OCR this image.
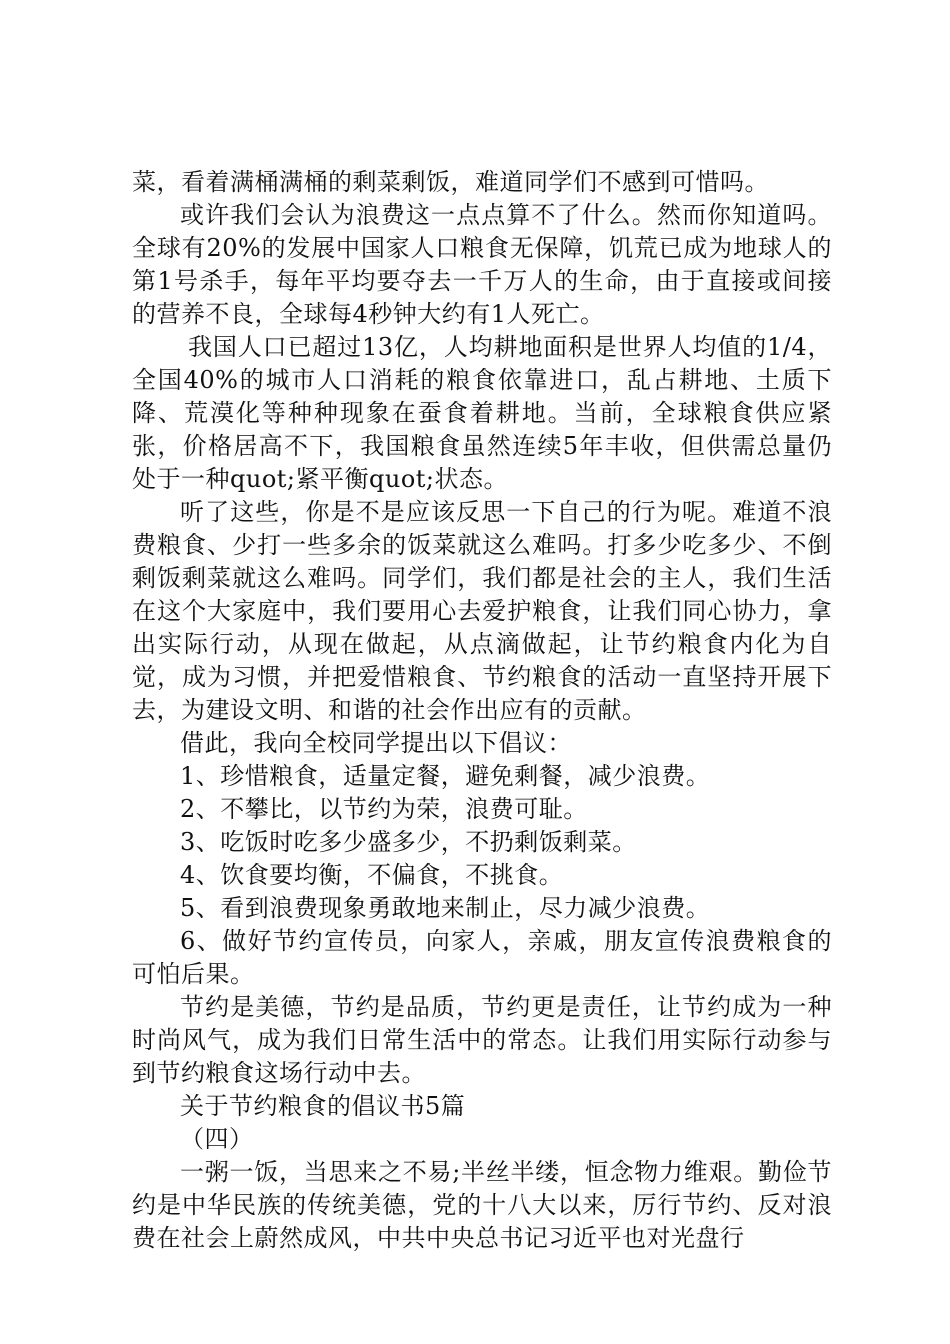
菜，看着满桶满桶的剩菜剩饭，难道同学们不感到可惜吗。

或许我们会认为浪费这一点点算不了什么。然而你知道吗。全球有20%的发展中国家人口粮食无保障，饥荒已成为地球人的第1号杀手，每年平均要夺去一千万人的生命，由于直接或间接的营养不良，全球每4秒钟大约有1人死亡。

我国人口已超过13亿，人均耕地面积是世界人均值的1/4，全国40%的城市人口消耗的粮食依靠进口，乱占耕地、土质下降、荒漠化等种种现象在蚕食着耕地。当前，全球粮食供应紧张，价格居高不下，我国粮食虽然连续5年丰收，但供需总量仍处于一种quot;紧平衡quot;状态。

听了这些，你是不是应该反思一下自己的行为呢。难道不浪费粮食、少打一些多余的饭菜就这么难吗。打多少吃多少、不倒剩饭剩菜就这么难吗。同学们，我们都是社会的主人，我们生活在这个大家庭中，我们要用心去爱护粮食，让我们同心协力，拿出实际行动，从现在做起，从点滴做起，让节约粮食内化为自觉，成为习惯，并把爱惜粮食、节约粮食的活动一直坚持开展下去，为建设文明、和谐的社会作出应有的贡献。

借此，我向全校同学提出以下倡议：

1、珍惜粮食，适量定餐，避免剩餐，减少浪费。

2、不攀比，以节约为荣，浪费可耻。

3、吃饭时吃多少盛多少，不扔剩饭剩菜。

4、饮食要均衡，不偏食，不挑食。

5、看到浪费现象勇敢地来制止，尽力减少浪费。

6、做好节约宣传员，向家人，亲戚，朋友宣传浪费粮食的可怕后果。

节约是美德，节约是品质，节约更是责任，让节约成为一种时尚风气，成为我们日常生活中的常态。让我们用实际行动参与到节约粮食这场行动中去。

关于节约粮食的倡议书5篇

（四）

一粥一饭，当思来之不易;半丝半缕，恒念物力维艰。勤俭节约是中华民族的传统美德，党的十八大以来，厉行节约、反对浪费在社会上蔚然成风，中共中央总书记习近平也对光盘行
